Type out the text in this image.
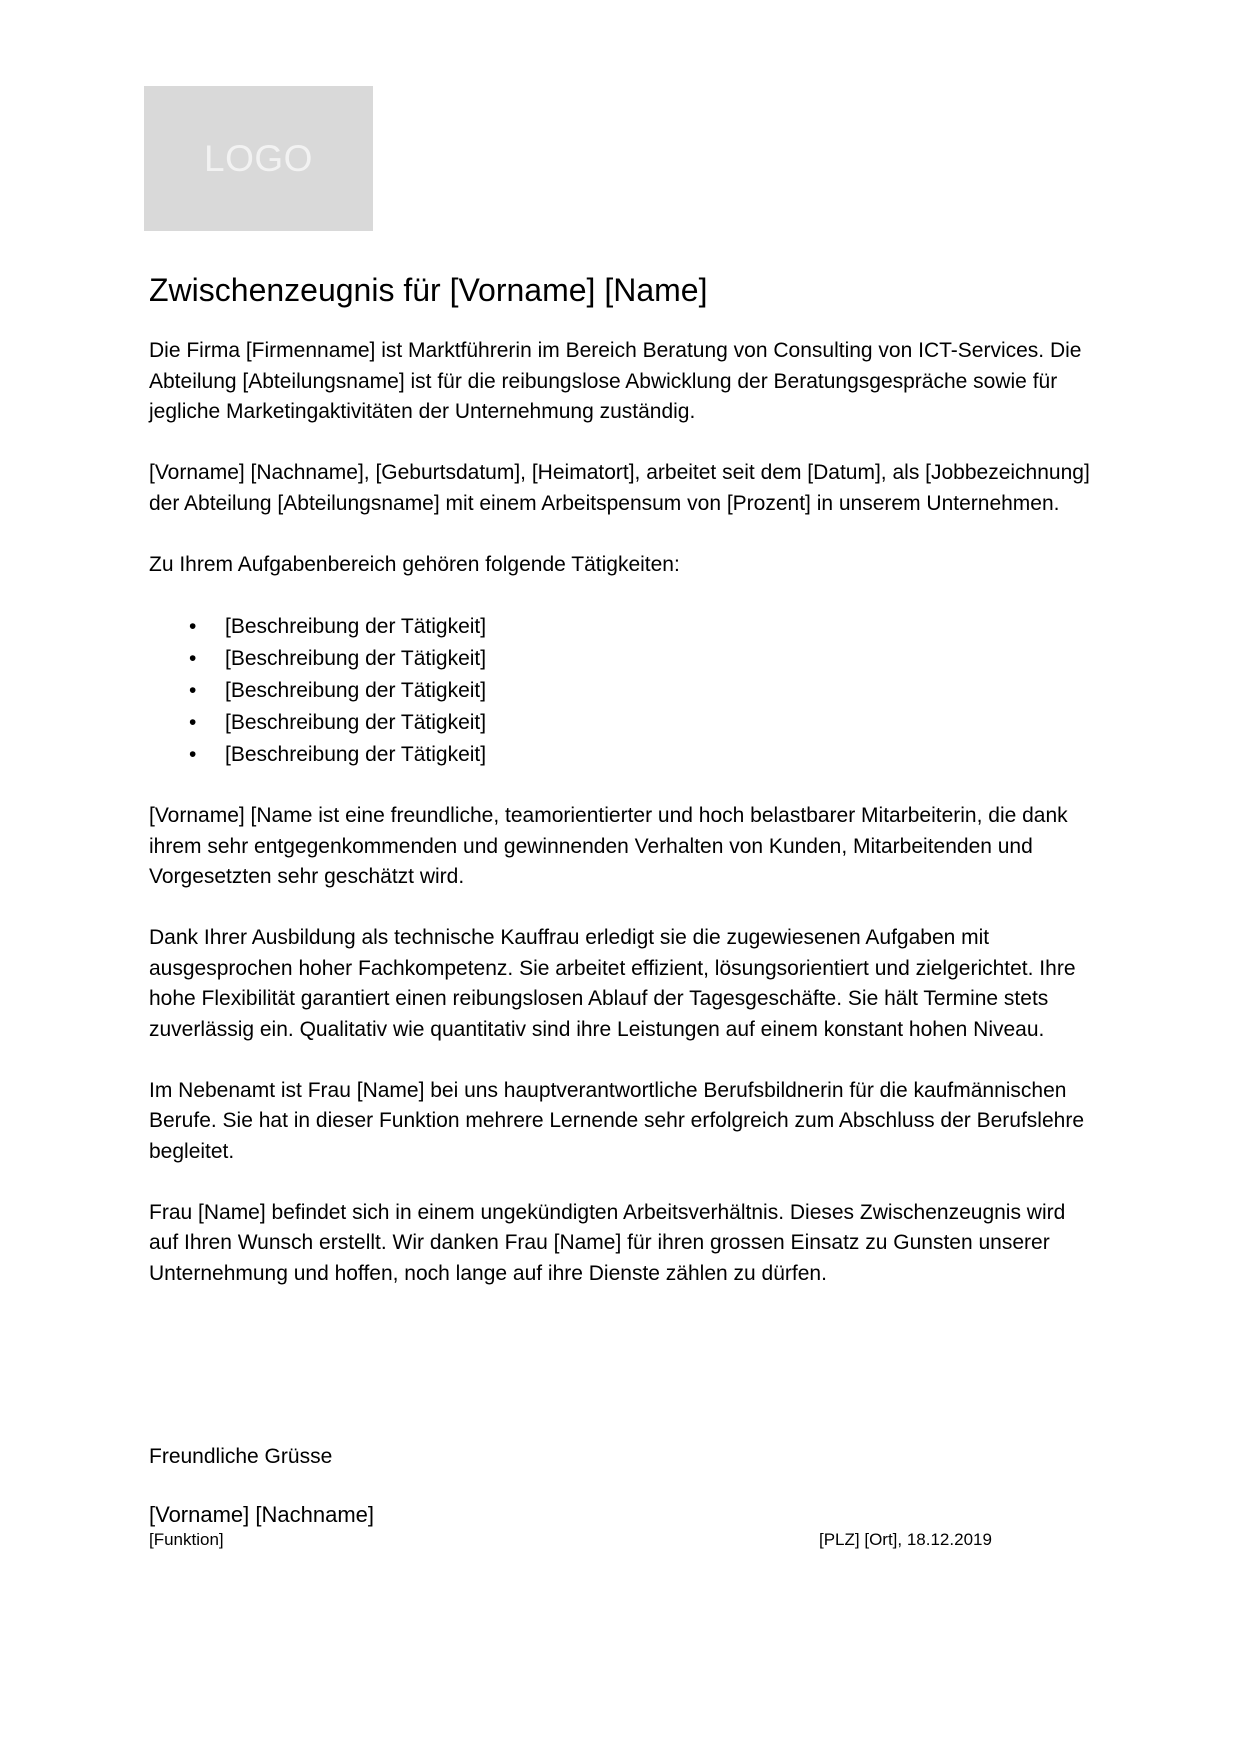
LOGO
Zwischenzeugnis für [Vorname] [Name]

Die Firma [Firmenname] ist Marktführerin im Bereich Beratung von Consulting von ICT-Services. Die Abteilung [Abteilungsname] ist für die reibungslose Abwicklung der Beratungsgespräche sowie für jegliche Marketingaktivitäten der Unternehmung zuständig.

[Vorname] [Nachname], [Geburtsdatum], [Heimatort], arbeitet seit dem [Datum], als [Jobbezeichnung] der Abteilung [Abteilungsname] mit einem Arbeitspensum von [Prozent] in unserem Unternehmen.

Zu Ihrem Aufgabenbereich gehören folgende Tätigkeiten:

• [Beschreibung der Tätigkeit]
• [Beschreibung der Tätigkeit]
• [Beschreibung der Tätigkeit]
• [Beschreibung der Tätigkeit]
• [Beschreibung der Tätigkeit]

[Vorname] [Name ist eine freundliche, teamorientierter und hoch belastbarer Mitarbeiterin, die dank ihrem sehr entgegenkommenden und gewinnenden Verhalten von Kunden, Mitarbeitenden und Vorgesetzten sehr geschätzt wird.

Dank Ihrer Ausbildung als technische Kauffrau erledigt sie die zugewiesenen Aufgaben mit ausgesprochen hoher Fachkompetenz. Sie arbeitet effizient, lösungsorientiert und zielgerichtet. Ihre hohe Flexibilität garantiert einen reibungslosen Ablauf der Tagesgeschäfte. Sie hält Termine stets zuverlässig ein. Qualitativ wie quantitativ sind ihre Leistungen auf einem konstant hohen Niveau.

Im Nebenamt ist Frau [Name] bei uns hauptverantwortliche Berufsbildnerin für die kaufmännischen Berufe. Sie hat in dieser Funktion mehrere Lernende sehr erfolgreich zum Abschluss der Berufslehre begleitet.

Frau [Name] befindet sich in einem ungekündigten Arbeitsverhältnis. Dieses Zwischenzeugnis wird auf Ihren Wunsch erstellt. Wir danken Frau [Name] für ihren grossen Einsatz zu Gunsten unserer Unternehmung und hoffen, noch lange auf ihre Dienste zählen zu dürfen.

Freundliche Grüsse
[Vorname] [Nachname]
[Funktion]	[PLZ] [Ort], 18.12.2019
